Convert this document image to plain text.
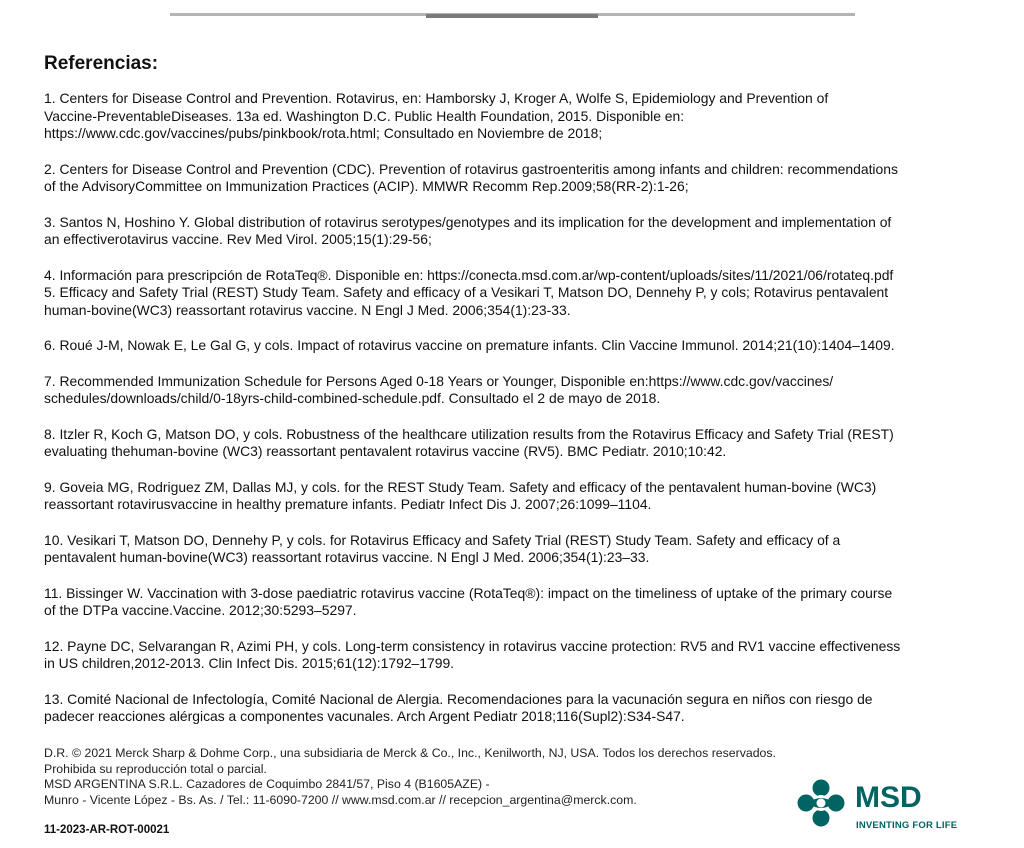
Referencias:
1. Centers for Disease Control and Prevention. Rotavirus, en: Hamborsky J, Kroger A, Wolfe S, Epidemiology and Prevention of
Vaccine-PreventableDiseases. 13a ed. Washington D.C. Public Health Foundation, 2015. Disponible en:
https://www.cdc.gov/vaccines/pubs/pinkbook/rota.html; Consultado en Noviembre de 2018;
2. Centers for Disease Control and Prevention (CDC). Prevention of rotavirus gastroenteritis among infants and children: recommendations
of the AdvisoryCommittee on Immunization Practices (ACIP). MMWR Recomm Rep.2009;58(RR-2):1-26;
3. Santos N, Hoshino Y. Global distribution of rotavirus serotypes/genotypes and its implication for the development and implementation of
an effectiverotavirus vaccine. Rev Med Virol. 2005;15(1):29-56;
4. Información para prescripción de RotaTeq®. Disponible en: https://conecta.msd.com.ar/wp-content/uploads/sites/11/2021/06/rotateq.pdf
5. Efficacy and Safety Trial (REST) Study Team. Safety and efficacy of a Vesikari T, Matson DO, Dennehy P, y cols; Rotavirus pentavalent
human-bovine(WC3) reassortant rotavirus vaccine. N Engl J Med. 2006;354(1):23-33.
6. Roué J-M, Nowak E, Le Gal G, y cols. Impact of rotavirus vaccine on premature infants. Clin Vaccine Immunol. 2014;21(10):1404–1409.
7. Recommended Immunization Schedule for Persons Aged 0-18 Years or Younger, Disponible en:https://www.cdc.gov/vaccines/
schedules/downloads/child/0-18yrs-child-combined-schedule.pdf. Consultado el 2 de mayo de 2018.
8. Itzler R, Koch G, Matson DO, y cols. Robustness of the healthcare utilization results from the Rotavirus Efficacy and Safety Trial (REST)
evaluating thehuman-bovine (WC3) reassortant pentavalent rotavirus vaccine (RV5). BMC Pediatr. 2010;10:42.
9. Goveia MG, Rodriguez ZM, Dallas MJ, y cols. for the REST Study Team. Safety and efficacy of the pentavalent human-bovine (WC3)
reassortant rotavirusvaccine in healthy premature infants. Pediatr Infect Dis J. 2007;26:1099–1104.
10. Vesikari T, Matson DO, Dennehy P, y cols. for Rotavirus Efficacy and Safety Trial (REST) Study Team. Safety and efficacy of a
pentavalent human-bovine(WC3) reassortant rotavirus vaccine. N Engl J Med. 2006;354(1):23–33.
11. Bissinger W. Vaccination with 3-dose paediatric rotavirus vaccine (RotaTeq®): impact on the timeliness of uptake of the primary course
of the DTPa vaccine.Vaccine. 2012;30:5293–5297.
12. Payne DC, Selvarangan R, Azimi PH, y cols. Long-term consistency in rotavirus vaccine protection: RV5 and RV1 vaccine effectiveness
in US children,2012-2013. Clin Infect Dis. 2015;61(12):1792–1799.
13. Comité Nacional de Infectología, Comité Nacional de Alergia. Recomendaciones para la vacunación segura en niños con riesgo de
padecer reacciones alérgicas a componentes vacunales. Arch Argent Pediatr 2018;116(Supl2):S34-S47.
D.R. © 2021 Merck Sharp & Dohme Corp., una subsidiaria de Merck & Co., Inc., Kenilworth, NJ, USA. Todos los derechos reservados.
Prohibida su reproducción total o parcial.
MSD ARGENTINA S.R.L. Cazadores de Coquimbo 2841/57, Piso 4 (B1605AZE) -
Munro - Vicente López - Bs. As. / Tel.: 11-6090-7200 // www.msd.com.ar // recepcion_argentina@merck.com.
11-2023-AR-ROT-00021
MSD
INVENTING FOR LIFE
